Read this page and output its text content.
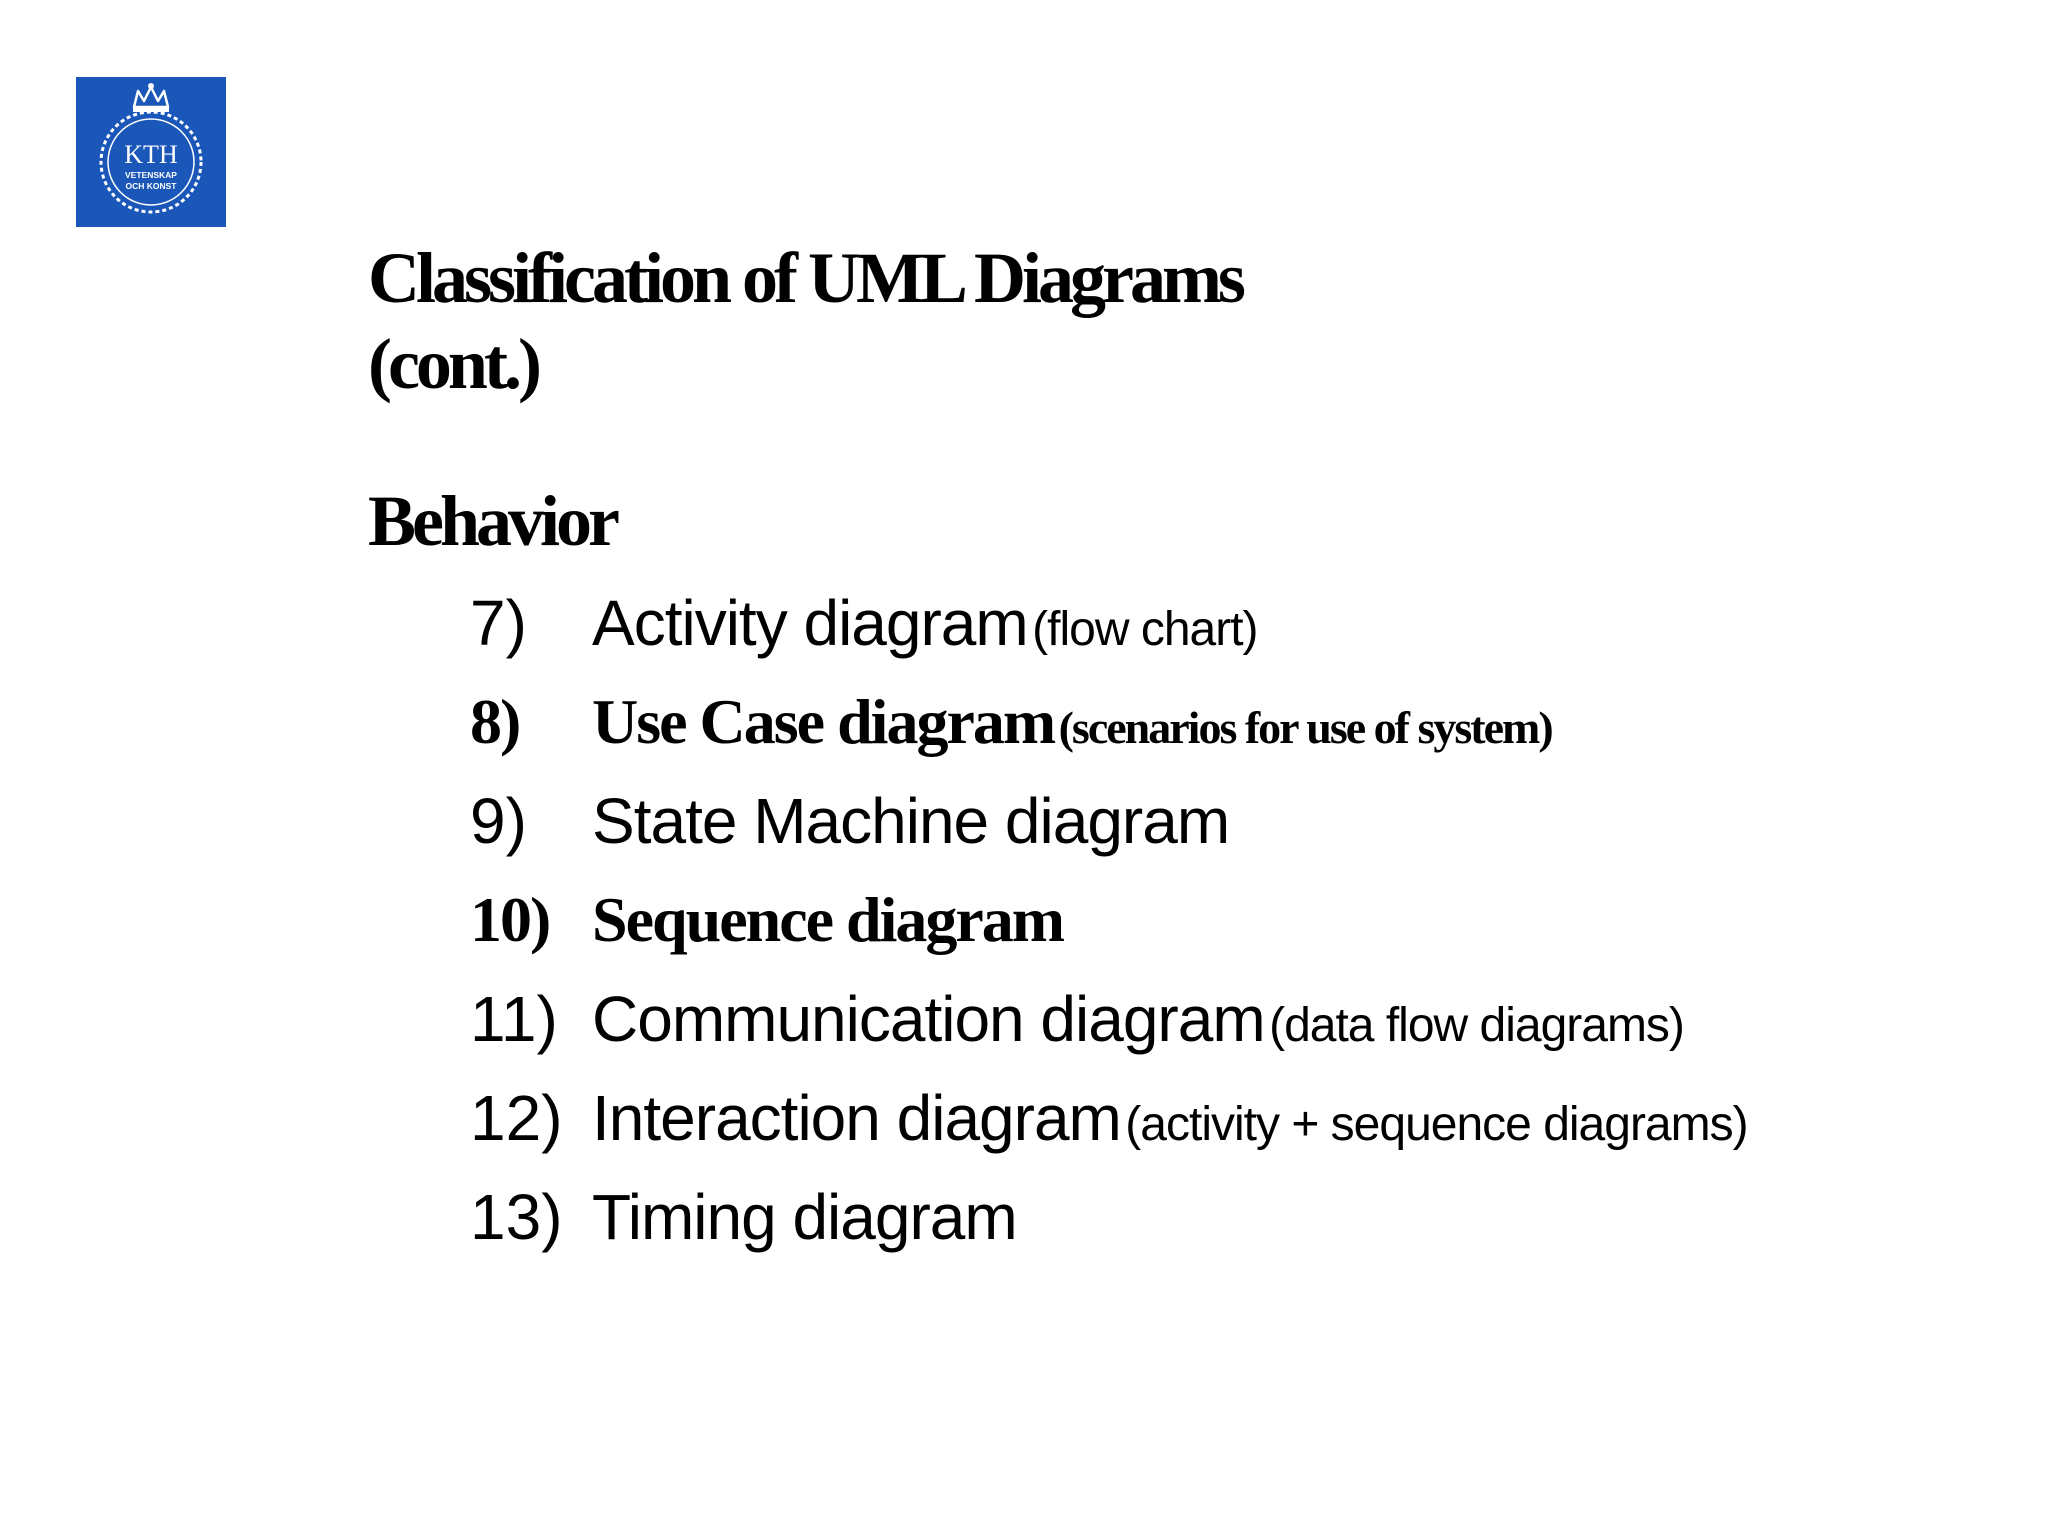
KTH
VETENSKAP
OCH KONST
Classification of UML Diagrams
(cont.)
Behavior
7) Activity diagram (flow chart)
8) Use Case diagram (scenarios for use of system)
9) State Machine diagram
10) Sequence diagram
11) Communication diagram (data flow diagrams)
12) Interaction diagram (activity + sequence diagrams)
13) Timing diagram
